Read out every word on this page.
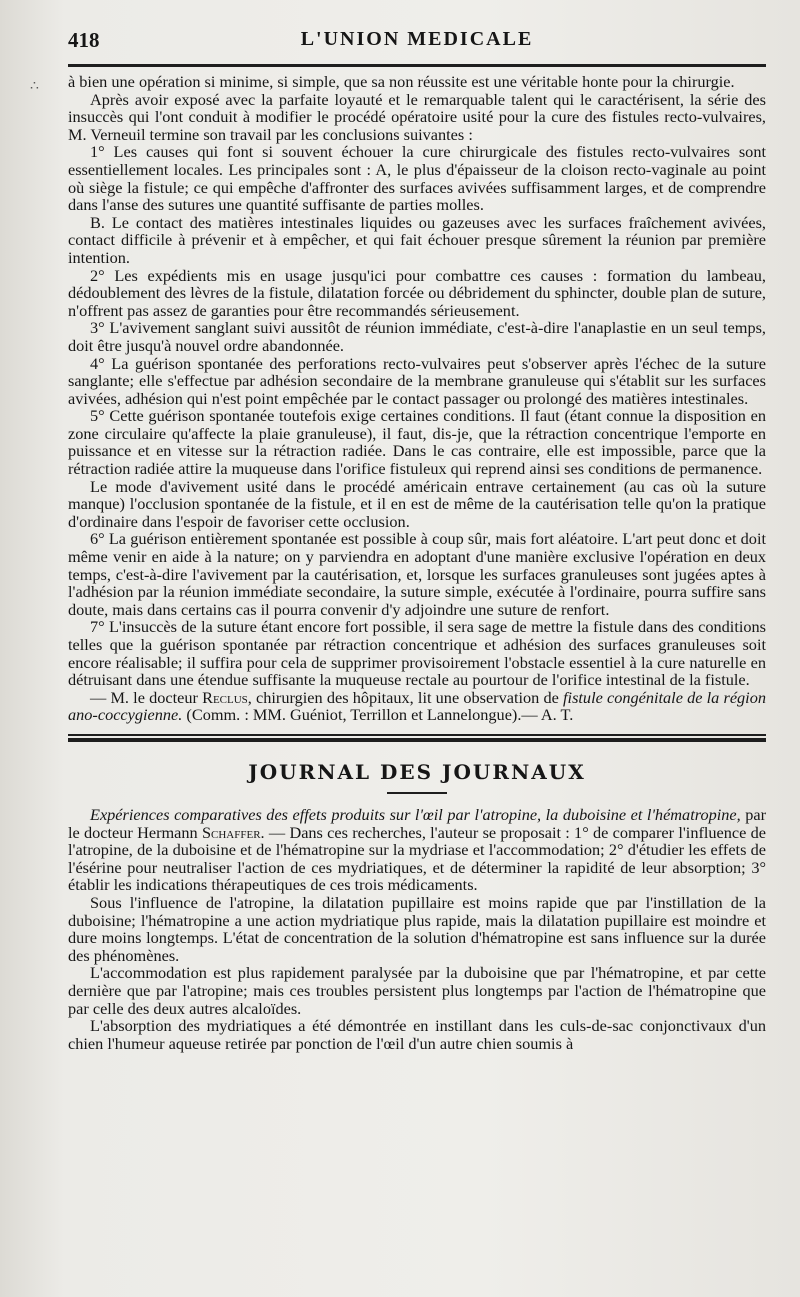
∴
418	L'UNION MEDICALE

à bien une opération si minime, si simple, que sa non réussite est une véritable honte pour la chirurgie.

Après avoir exposé avec la parfaite loyauté et le remarquable talent qui le caractérisent, la série des insuccès qui l'ont conduit à modifier le procédé opératoire usité pour la cure des fistules recto-vulvaires, M. Verneuil termine son travail par les conclusions suivantes :

1° Les causes qui font si souvent échouer la cure chirurgicale des fistules recto-vulvaires sont essentiellement locales. Les principales sont : A, le plus d'épaisseur de la cloison recto-vaginale au point où siège la fistule; ce qui empêche d'affronter des surfaces avivées suffisamment larges, et de comprendre dans l'anse des sutures une quantité suffisante de parties molles.

B. Le contact des matières intestinales liquides ou gazeuses avec les surfaces fraîchement avivées, contact difficile à prévenir et à empêcher, et qui fait échouer presque sûrement la réunion par première intention.

2° Les expédients mis en usage jusqu'ici pour combattre ces causes : formation du lambeau, dédoublement des lèvres de la fistule, dilatation forcée ou débridement du sphincter, double plan de suture, n'offrent pas assez de garanties pour être recommandés sérieusement.

3° L'avivement sanglant suivi aussitôt de réunion immédiate, c'est-à-dire l'anaplastie en un seul temps, doit être jusqu'à nouvel ordre abandonnée.

4° La guérison spontanée des perforations recto-vulvaires peut s'observer après l'échec de la suture sanglante; elle s'effectue par adhésion secondaire de la membrane granuleuse qui s'établit sur les surfaces avivées, adhésion qui n'est point empêchée par le contact passager ou prolongé des matières intestinales.

5° Cette guérison spontanée toutefois exige certaines conditions. Il faut (étant connue la disposition en zone circulaire qu'affecte la plaie granuleuse), il faut, dis-je, que la rétraction concentrique l'emporte en puissance et en vitesse sur la rétraction radiée. Dans le cas contraire, elle est impossible, parce que la rétraction radiée attire la muqueuse dans l'orifice fistuleux qui reprend ainsi ses conditions de permanence.

Le mode d'avivement usité dans le procédé américain entrave certainement (au cas où la suture manque) l'occlusion spontanée de la fistule, et il en est de même de la cautérisation telle qu'on la pratique d'ordinaire dans l'espoir de favoriser cette occlusion.

6° La guérison entièrement spontanée est possible à coup sûr, mais fort aléatoire. L'art peut donc et doit même venir en aide à la nature; on y parviendra en adoptant d'une manière exclusive l'opération en deux temps, c'est-à-dire l'avivement par la cautérisation, et, lorsque les surfaces granuleuses sont jugées aptes à l'adhésion par la réunion immédiate secondaire, la suture simple, exécutée à l'ordinaire, pourra suffire sans doute, mais dans certains cas il pourra convenir d'y adjoindre une suture de renfort.

7° L'insuccès de la suture étant encore fort possible, il sera sage de mettre la fistule dans des conditions telles que la guérison spontanée par rétraction concentrique et adhésion des surfaces granuleuses soit encore réalisable; il suffira pour cela de supprimer provisoirement l'obstacle essentiel à la cure naturelle en détruisant dans une étendue suffisante la muqueuse rectale au pourtour de l'orifice intestinal de la fistule.

— M. le docteur Reclus, chirurgien des hôpitaux, lit une observation de fistule congénitale de la région ano-coccygienne. (Comm. : MM. Guéniot, Terrillon et Lannelongue).— A. T.

JOURNAL DES JOURNAUX

Expériences comparatives des effets produits sur l'œil par l'atropine, la duboisine et l'hématropine, par le docteur Hermann Schaffer. — Dans ces recherches, l'auteur se proposait : 1° de comparer l'influence de l'atropine, de la duboisine et de l'hématropine sur la mydriase et l'accommodation; 2° d'étudier les effets de l'ésérine pour neutraliser l'action de ces mydriatiques, et de déterminer la rapidité de leur absorption; 3° établir les indications thérapeutiques de ces trois médicaments.

Sous l'influence de l'atropine, la dilatation pupillaire est moins rapide que par l'instillation de la duboisine; l'hématropine a une action mydriatique plus rapide, mais la dilatation pupillaire est moindre et dure moins longtemps. L'état de concentration de la solution d'hématropine est sans influence sur la durée des phénomènes.

L'accommodation est plus rapidement paralysée par la duboisine que par l'hématropine, et par cette dernière que par l'atropine; mais ces troubles persistent plus longtemps par l'action de l'hématropine que par celle des deux autres alcaloïdes.

L'absorption des mydriatiques a été démontrée en instillant dans les culs-de-sac conjonctivaux d'un chien l'humeur aqueuse retirée par ponction de l'œil d'un autre chien soumis à
